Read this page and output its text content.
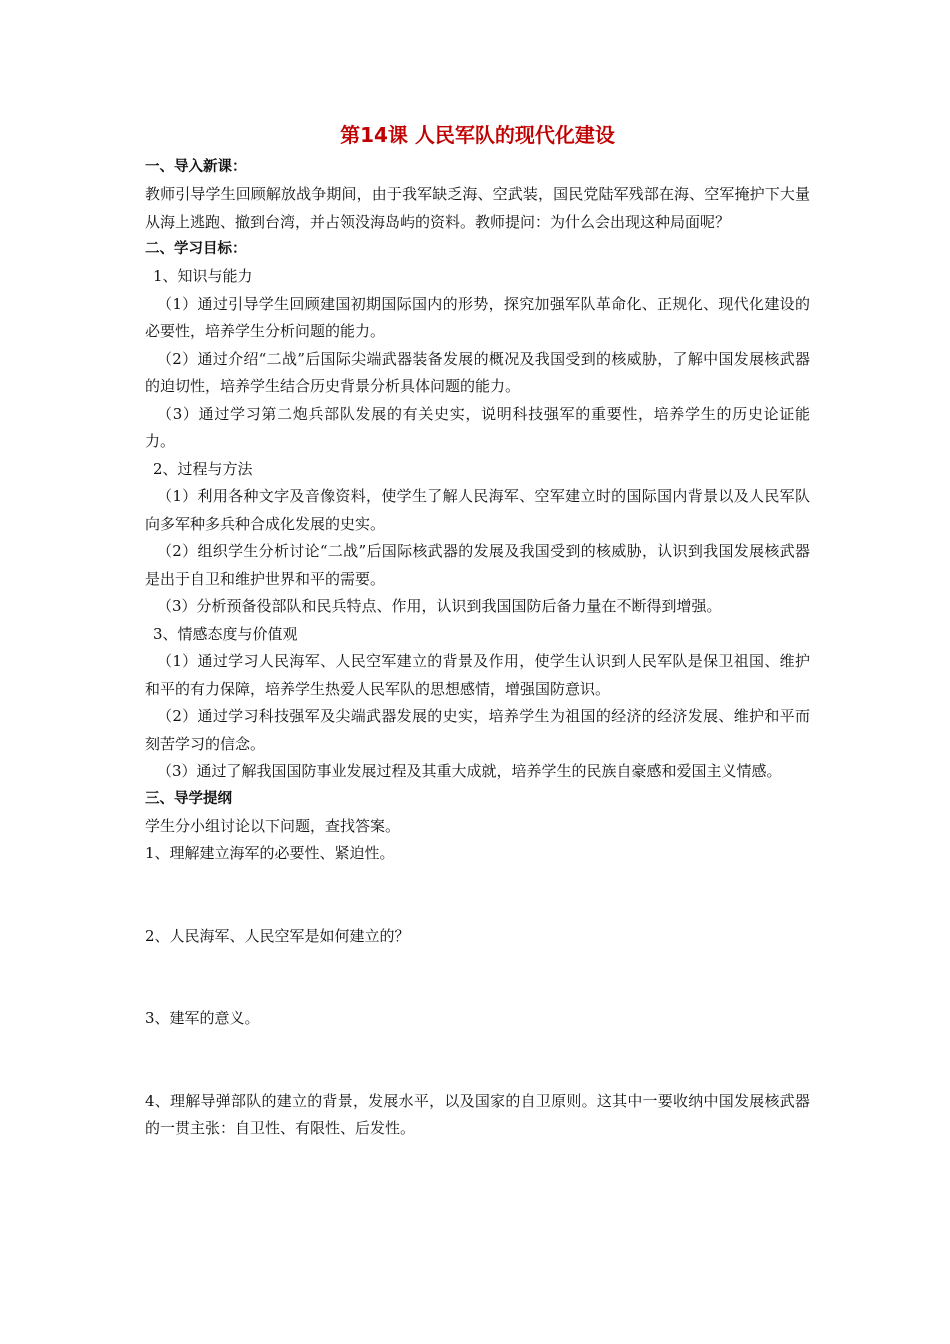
第14课 人民军队的现代化建设

一、导入新课：

教师引导学生回顾解放战争期间，由于我军缺乏海、空武装，国民党陆军残部在海、空军掩护下大量从海上逃跑、撤到台湾，并占领没海岛屿的资料。教师提问：为什么会出现这种局面呢？

二、学习目标：

1、知识与能力

（1）通过引导学生回顾建国初期国际国内的形势，探究加强军队革命化、正规化、现代化建设的必要性，培养学生分析问题的能力。

（2）通过介绍“二战”后国际尖端武器装备发展的概况及我国受到的核威胁，了解中国发展核武器的迫切性，培养学生结合历史背景分析具体问题的能力。

（3）通过学习第二炮兵部队发展的有关史实，说明科技强军的重要性，培养学生的历史论证能力。

2、过程与方法

（1）利用各种文字及音像资料，使学生了解人民海军、空军建立时的国际国内背景以及人民军队向多军种多兵种合成化发展的史实。

（2）组织学生分析讨论“二战”后国际核武器的发展及我国受到的核威胁，认识到我国发展核武器是出于自卫和维护世界和平的需要。

（3）分析预备役部队和民兵特点、作用，认识到我国国防后备力量在不断得到增强。

3、情感态度与价值观

（1）通过学习人民海军、人民空军建立的背景及作用，使学生认识到人民军队是保卫祖国、维护和平的有力保障，培养学生热爱人民军队的思想感情，增强国防意识。

（2）通过学习科技强军及尖端武器发展的史实，培养学生为祖国的经济的经济发展、维护和平而刻苦学习的信念。

（3）通过了解我国国防事业发展过程及其重大成就，培养学生的民族自豪感和爱国主义情感。

三、导学提纲

学生分小组讨论以下问题，查找答案。

1、理解建立海军的必要性、紧迫性。

2、人民海军、人民空军是如何建立的？

3、建军的意义。

4、理解导弹部队的建立的背景，发展水平，以及国家的自卫原则。这其中一要收纳中国发展核武器的一贯主张：自卫性、有限性、后发性。
